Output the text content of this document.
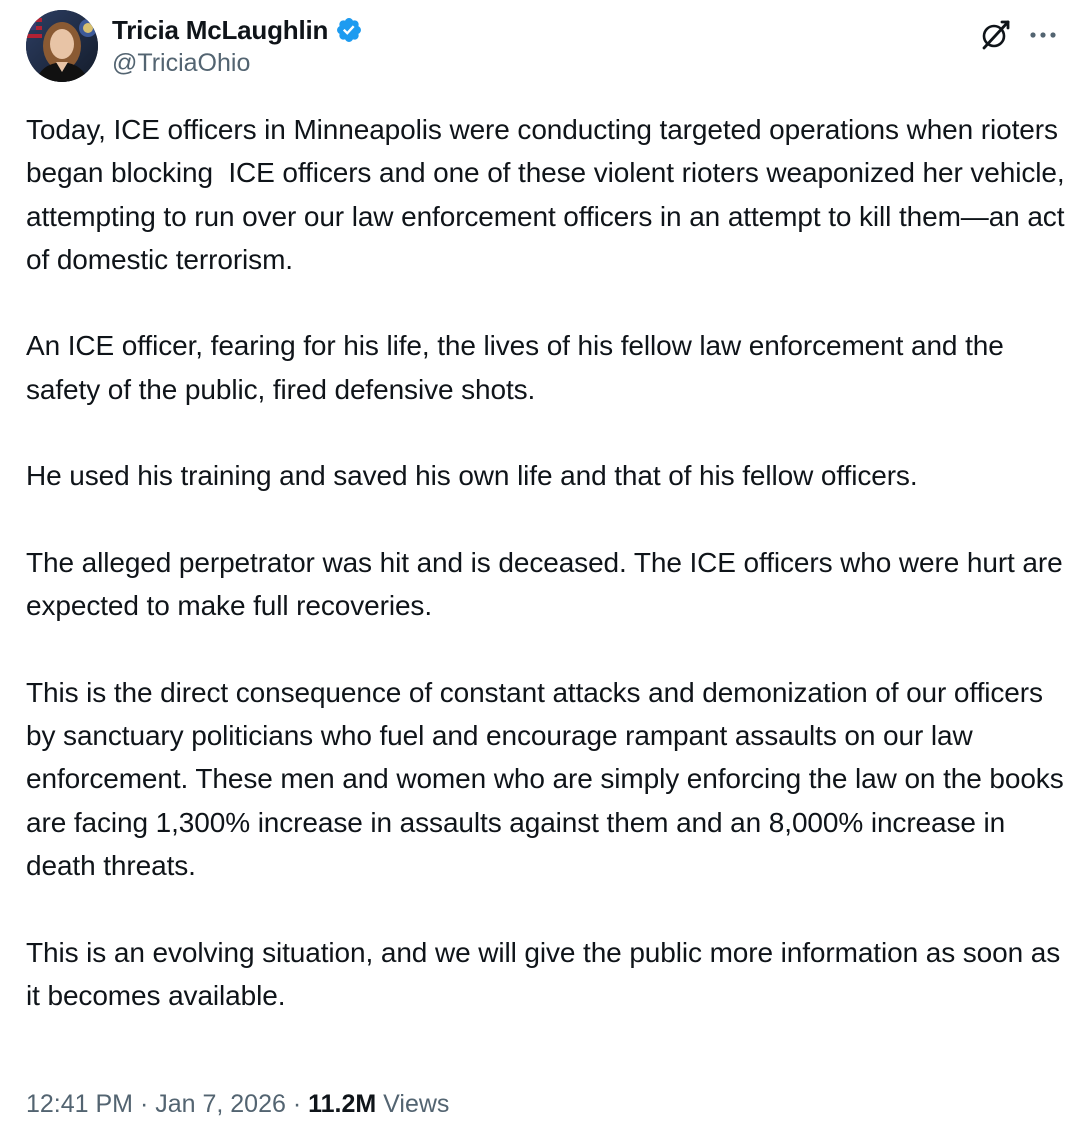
Tricia McLaughlin
@TriciaOhio

Today, ICE officers in Minneapolis were conducting targeted operations when rioters began blocking  ICE officers and one of these violent rioters weaponized her vehicle, attempting to run over our law enforcement officers in an attempt to kill them—an act of domestic terrorism.

An ICE officer, fearing for his life, the lives of his fellow law enforcement and the safety of the public, fired defensive shots.

He used his training and saved his own life and that of his fellow officers.

The alleged perpetrator was hit and is deceased. The ICE officers who were hurt are expected to make full recoveries.

This is the direct consequence of constant attacks and demonization of our officers by sanctuary politicians who fuel and encourage rampant assaults on our law enforcement. These men and women who are simply enforcing the law on the books are facing 1,300% increase in assaults against them and an 8,000% increase in death threats.

This is an evolving situation, and we will give the public more information as soon as it becomes available.

12:41 PM · Jan 7, 2026 · 11.2M Views
